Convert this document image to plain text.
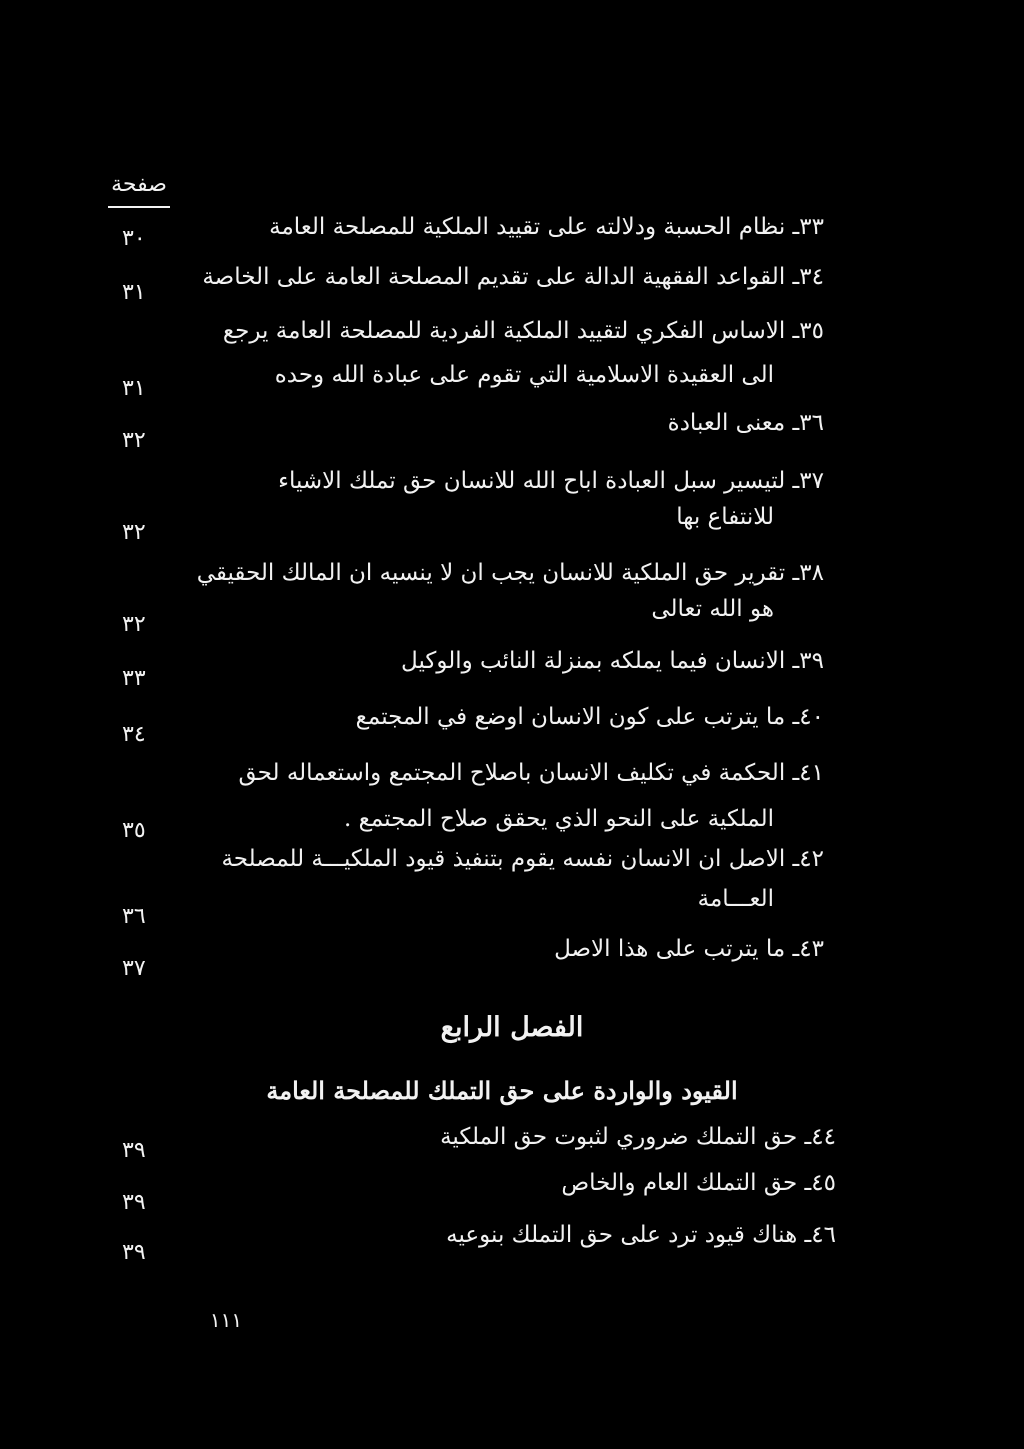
صفحة
٣٣ـ نظام الحسبة ودلالته على تقييد الملكية للمصلحة العامة
٣٠
٣٤ـ القواعد الفقهية الدالة على تقديم المصلحة العامة على الخاصة
٣١
٣٥ـ الاساس الفكري لتقييد الملكية الفردية للمصلحة العامة يرجع
الى العقيدة الاسلامية التي تقوم على عبادة الله وحده
٣١
٣٦ـ معنى العبادة
٣٢
٣٧ـ لتيسير سبل العبادة اباح الله للانسان حق تملك الاشياء
للانتفاع بها
٣٢
٣٨ـ تقرير حق الملكية للانسان يجب ان لا ينسيه ان المالك الحقيقي
هو الله تعالى
٣٢
٣٩ـ الانسان فيما يملكه بمنزلة النائب والوكيل
٣٣
٤٠ـ ما يترتب على كون الانسان اوضع في المجتمع
٣٤
٤١ـ الحكمة في تكليف الانسان باصلاح المجتمع واستعماله لحق
الملكية على النحو الذي يحقق صلاح المجتمع .
٣٥
٤٢ـ الاصل ان الانسان نفسه يقوم بتنفيذ قيود الملكيـــة للمصلحة
العـــامة
٣٦
٤٣ـ ما يترتب على هذا الاصل
٣٧
الفصل الرابع
القيود والواردة على حق التملك للمصلحة العامة
٤٤ـ حق التملك ضروري لثبوت حق الملكية
٣٩
٤٥ـ حق التملك العام والخاص
٣٩
٤٦ـ هناك قيود ترد على حق التملك بنوعيه
٣٩
١١١
